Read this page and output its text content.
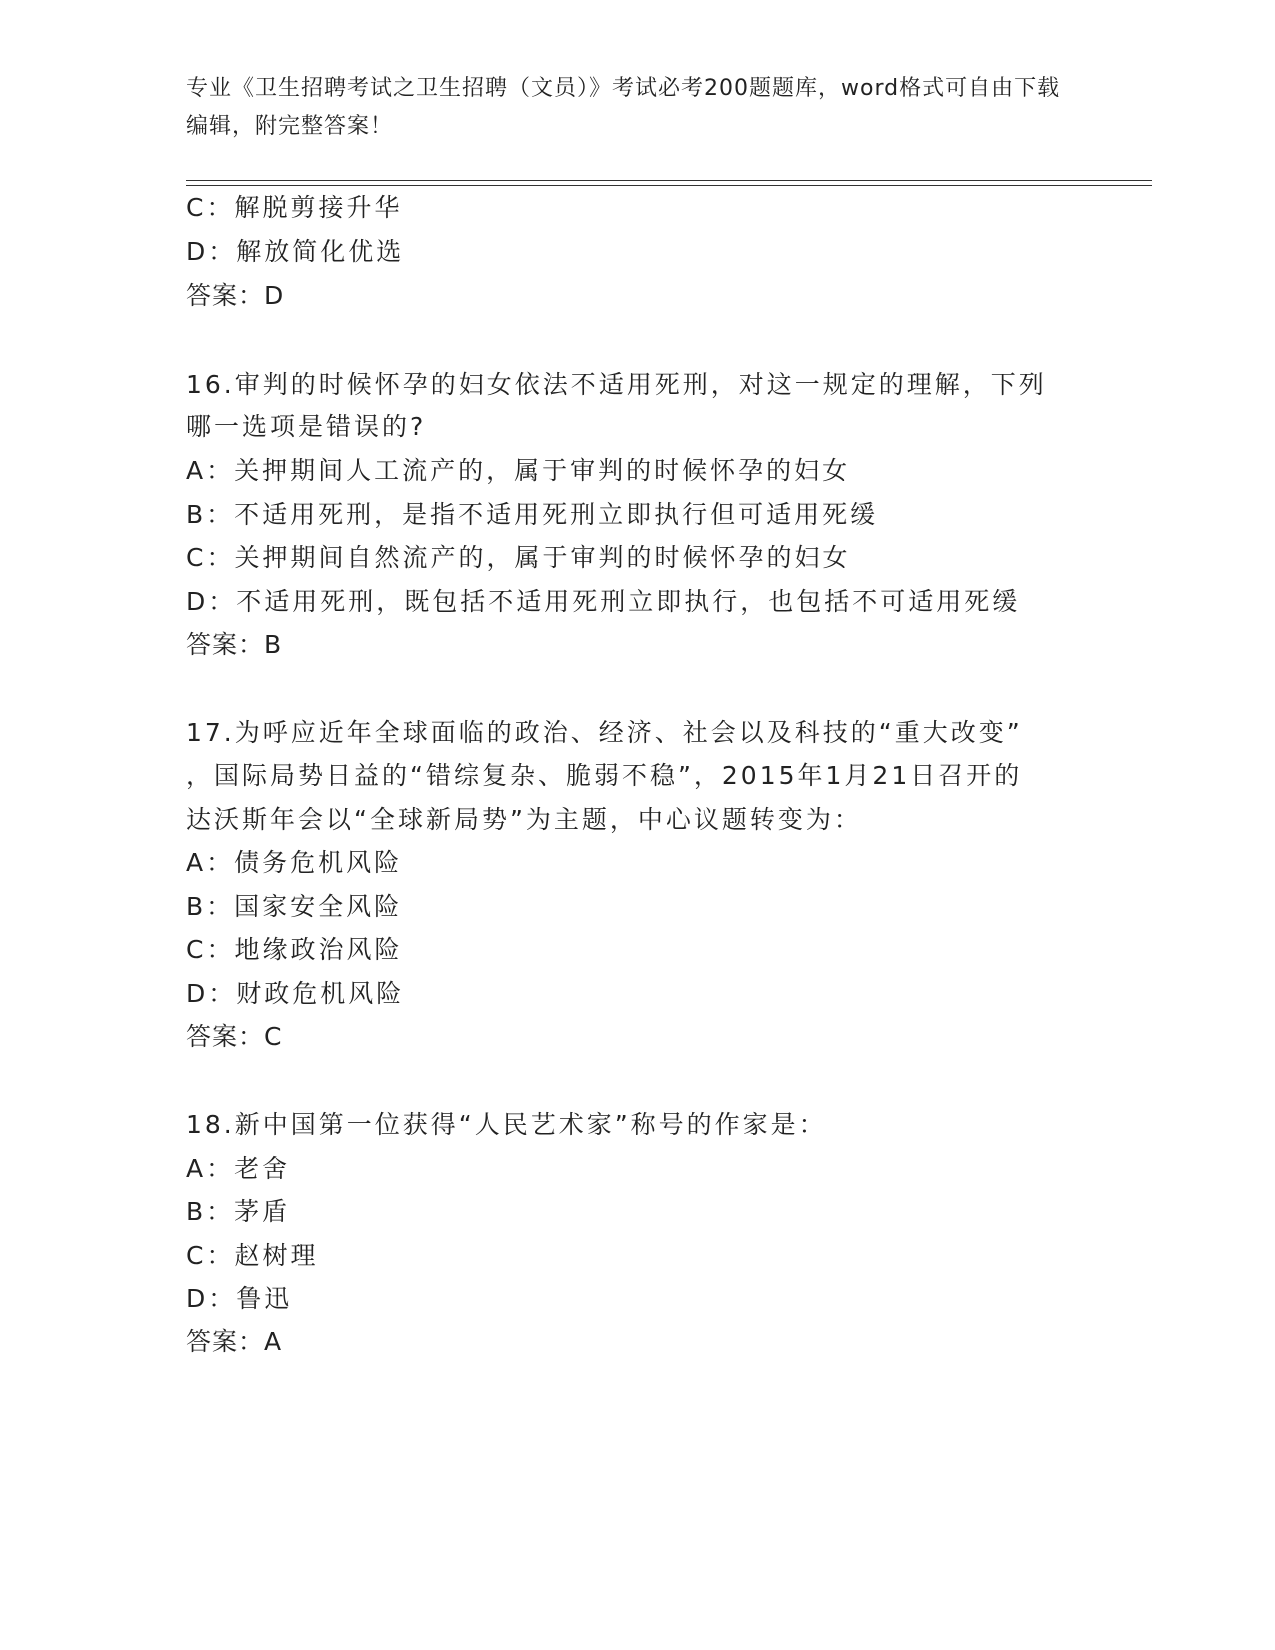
专业《卫生招聘考试之卫生招聘（文员）》考试必考200题题库，word格式可自由下载编辑，附完整答案！
C：解脱剪接升华
D：解放简化优选
答案：D
16.审判的时候怀孕的妇女依法不适用死刑，对这一规定的理解，下列
哪一选项是错误的?
A：关押期间人工流产的，属于审判的时候怀孕的妇女
B：不适用死刑，是指不适用死刑立即执行但可适用死缓
C：关押期间自然流产的，属于审判的时候怀孕的妇女
D：不适用死刑，既包括不适用死刑立即执行，也包括不可适用死缓
答案：B
17.为呼应近年全球面临的政治、经济、社会以及科技的“重大改变”
，国际局势日益的“错综复杂、脆弱不稳”，2015年1月21日召开的
达沃斯年会以“全球新局势”为主题，中心议题转变为：
A：债务危机风险
B：国家安全风险
C：地缘政治风险
D：财政危机风险
答案：C
18.新中国第一位获得“人民艺术家”称号的作家是：
A：老舍
B：茅盾
C：赵树理
D：鲁迅
答案：A
